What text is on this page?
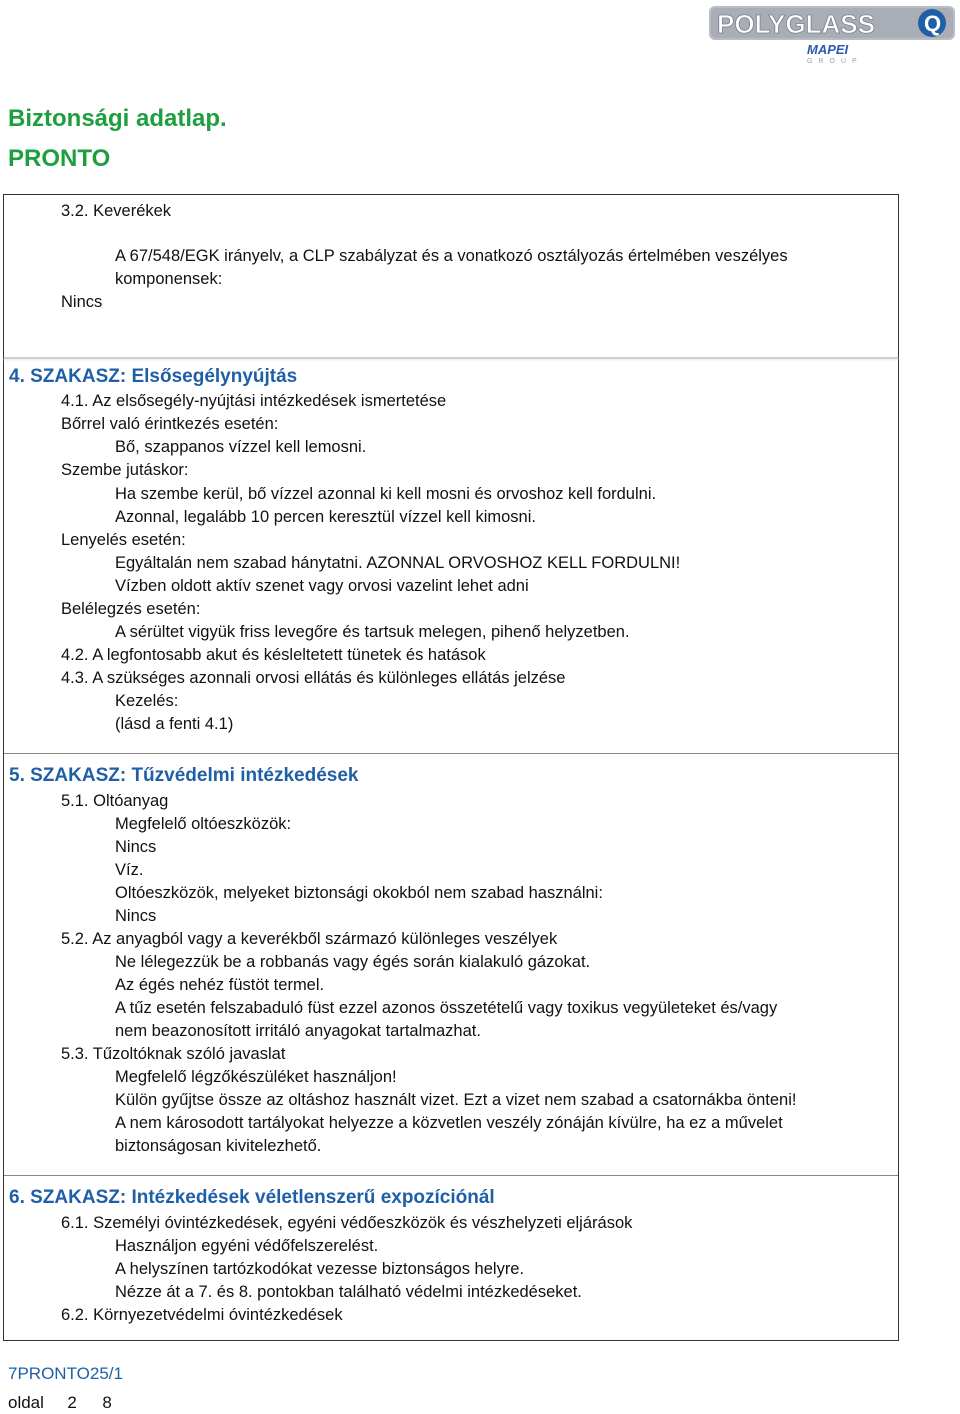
POLYGLASS Q
MAPEI
GROUP
Biztonsági adatlap.
PRONTO
3.2. Keverékek
A 67/548/EGK irányelv, a CLP szabályzat és a vonatkozó osztályozás értelmében veszélyes
komponensek:
Nincs
4. SZAKASZ: Elsősegélynyújtás
4.1. Az elsősegély-nyújtási intézkedések ismertetése
Bőrrel való érintkezés esetén:
Bő, szappanos vízzel kell lemosni.
Szembe jutáskor:
Ha szembe kerül, bő vízzel azonnal ki kell mosni és orvoshoz kell fordulni.
Azonnal, legalább 10 percen keresztül vízzel kell kimosni.
Lenyelés esetén:
Egyáltalán nem szabad hánytatni. AZONNAL ORVOSHOZ KELL FORDULNI!
Vízben oldott aktív szenet vagy orvosi vazelint lehet adni
Belélegzés esetén:
A sérültet vigyük friss levegőre és tartsuk melegen, pihenő helyzetben.
4.2. A legfontosabb akut és késleltetett tünetek és hatások
4.3. A szükséges azonnali orvosi ellátás és különleges ellátás jelzése
Kezelés:
(lásd a fenti 4.1)
5. SZAKASZ: Tűzvédelmi intézkedések
5.1. Oltóanyag
Megfelelő oltóeszközök:
Nincs
Víz.
Oltóeszközök, melyeket biztonsági okokból nem szabad használni:
Nincs
5.2. Az anyagból vagy a keverékből származó különleges veszélyek
Ne lélegezzük be a robbanás vagy égés során kialakuló gázokat.
Az égés nehéz füstöt termel.
A tűz esetén felszabaduló füst ezzel azonos összetételű vagy toxikus vegyületeket és/vagy
nem beazonosított irritáló anyagokat tartalmazhat.
5.3. Tűzoltóknak szóló javaslat
Megfelelő légzőkészüléket használjon!
Külön gyűjtse össze az oltáshoz használt vizet. Ezt a vizet nem szabad a csatornákba önteni!
A nem károsodott tartályokat helyezze a közvetlen veszély zónáján kívülre, ha ez a művelet
biztonságosan kivitelezhető.
6. SZAKASZ: Intézkedések véletlenszerű expozíciónál
6.1. Személyi óvintézkedések, egyéni védőeszközök és vészhelyzeti eljárások
Használjon egyéni védőfelszerelést.
A helyszínen tartózkodókat vezesse biztonságos helyre.
Nézze át a 7. és 8. pontokban található védelmi intézkedéseket.
6.2. Környezetvédelmi óvintézkedések
7PRONTO25/1
oldal 2 8
